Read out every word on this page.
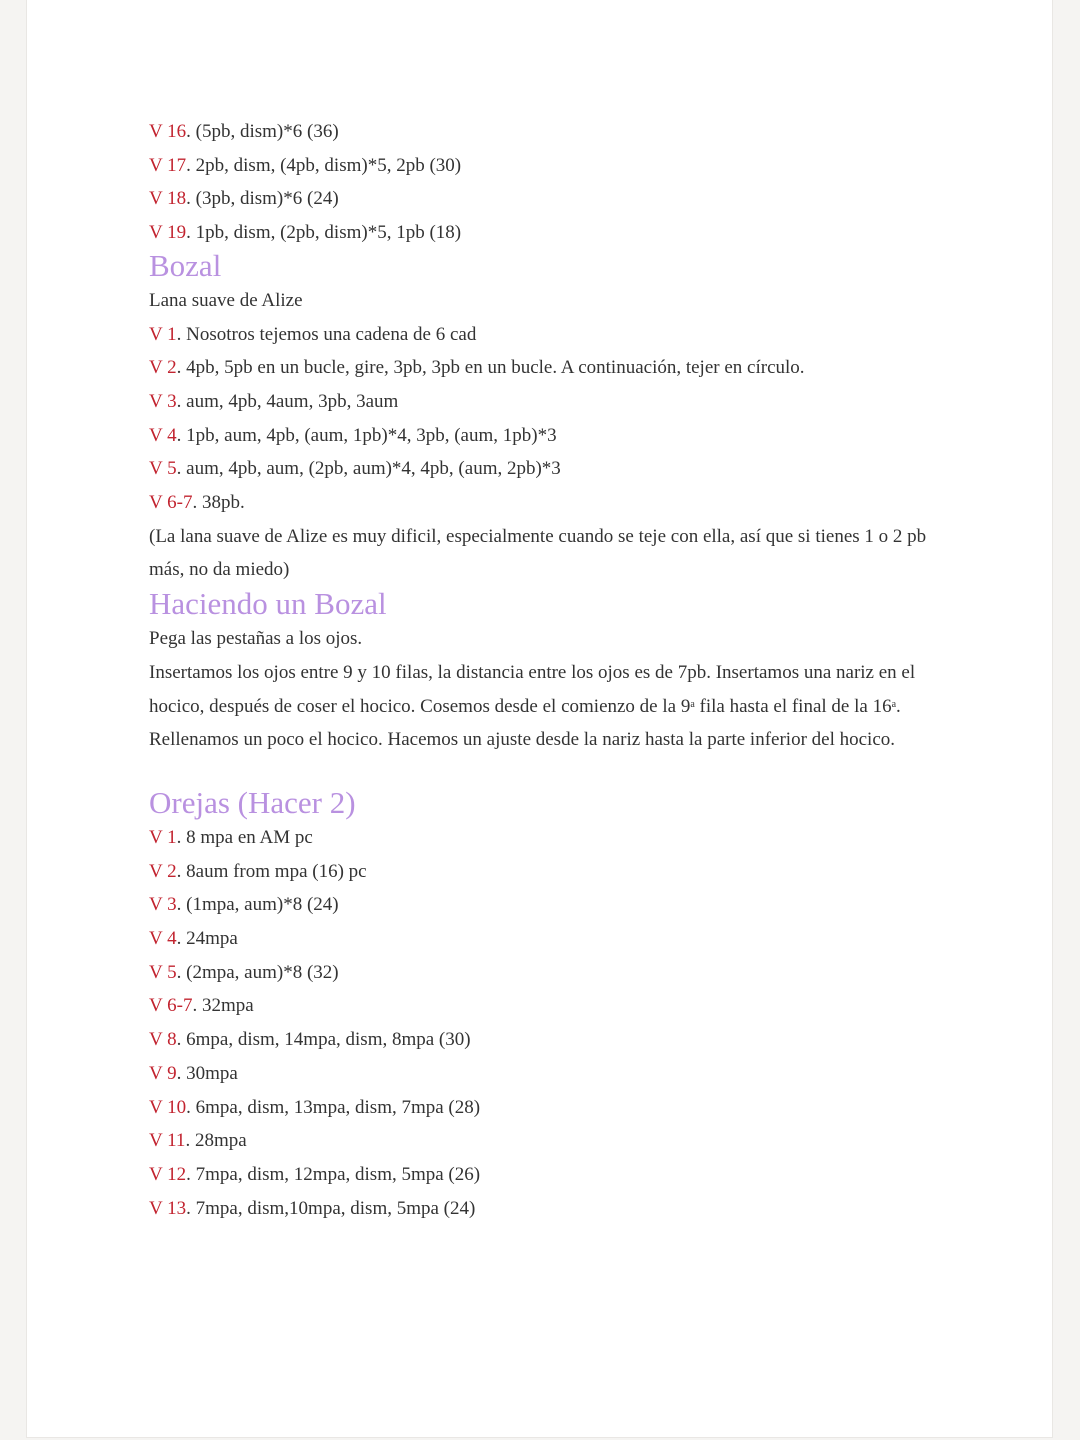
V 16. (5pb, dism)*6 (36)
V 17. 2pb, dism, (4pb, dism)*5, 2pb (30)
V 18. (3pb, dism)*6 (24)
V 19. 1pb, dism, (2pb, dism)*5, 1pb (18)
Bozal
Lana suave de Alize
V 1. Nosotros tejemos una cadena de 6 cad
V 2. 4pb, 5pb en un bucle, gire, 3pb, 3pb en un bucle. A continuación, tejer en círculo.
V 3. aum, 4pb, 4aum, 3pb, 3aum
V 4. 1pb, aum, 4pb, (aum, 1pb)*4, 3pb, (aum, 1pb)*3
V 5. aum, 4pb, aum, (2pb, aum)*4, 4pb, (aum, 2pb)*3
V 6-7. 38pb.
(La lana suave de Alize es muy dificil, especialmente cuando se teje con ella, así que si tienes 1 o 2 pb más, no da miedo)
Haciendo un Bozal

Pega las pestañas a los ojos.

Insertamos los ojos entre 9 y 10 filas, la distancia entre los ojos es de 7pb. Insertamos una nariz en el hocico, después de coser el hocico. Cosemos desde el comienzo de la 9$^a$ fila hasta el final de la 16$^a$.

Rellenamos un poco el hocico. Hacemos un ajuste desde la nariz hasta la parte inferior del hocico.

Orejas (Hacer 2)
V 1. 8 mpa en AM pc
V 2. 8aum from mpa (16) pc
V 3. (1mpa, aum)*8 (24)
V 4. 24mpa
V 5. (2mpa, aum)*8 (32)
V 6-7. 32mpa
V 8. 6mpa, dism, 14mpa, dism, 8mpa (30)
V 9. 30mpa
V 10. 6mpa, dism, 13mpa, dism, 7mpa (28)
V 11. 28mpa
V 12. 7mpa, dism, 12mpa, dism, 5mpa (26)
V 13. 7mpa, dism,10mpa, dism, 5mpa (24)
